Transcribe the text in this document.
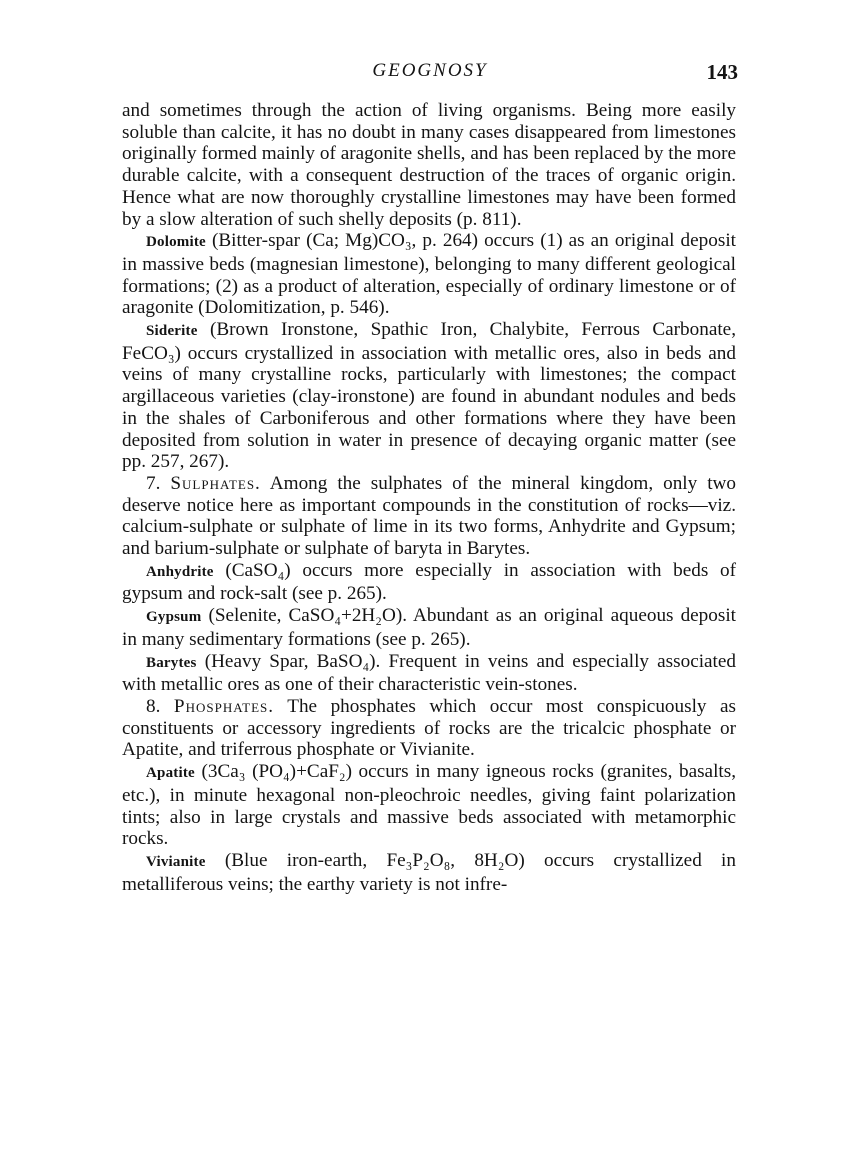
GEOGNOSY	143

and sometimes through the action of living organisms. Being more easily soluble than calcite, it has no doubt in many cases disappeared from limestones originally formed mainly of aragonite shells, and has been replaced by the more durable calcite, with a consequent destruction of the traces of organic origin. Hence what are now thoroughly crystalline limestones may have been formed by a slow alteration of such shelly deposits (p. 811).

Dolomite (Bitter-spar (Ca; Mg)CO₃, p. 264) occurs (1) as an original deposit in massive beds (magnesian limestone), belonging to many different geological formations; (2) as a product of alteration, especially of ordinary limestone or of aragonite (Dolomitization, p. 546).

Siderite (Brown Ironstone, Spathic Iron, Chalybite, Ferrous Carbonate, FeCO₃) occurs crystallized in association with metallic ores, also in beds and veins of many crystalline rocks, particularly with limestones; the compact argillaceous varieties (clay-ironstone) are found in abundant nodules and beds in the shales of Carboniferous and other formations where they have been deposited from solution in water in presence of decaying organic matter (see pp. 257, 267).

7. Sulphates. Among the sulphates of the mineral kingdom, only two deserve notice here as important compounds in the constitution of rocks—viz. calcium-sulphate or sulphate of lime in its two forms, Anhydrite and Gypsum; and barium-sulphate or sulphate of baryta in Barytes.

Anhydrite (CaSO₄) occurs more especially in association with beds of gypsum and rock-salt (see p. 265).

Gypsum (Selenite, CaSO₄+2H₂O). Abundant as an original aqueous deposit in many sedimentary formations (see p. 265).

Barytes (Heavy Spar, BaSO₄). Frequent in veins and especially associated with metallic ores as one of their characteristic vein-stones.

8. Phosphates. The phosphates which occur most conspicuously as constituents or accessory ingredients of rocks are the tricalcic phosphate or Apatite, and triferrous phosphate or Vivianite.

Apatite (3Ca₃ (PO₄)+CaF₂) occurs in many igneous rocks (granites, basalts, etc.), in minute hexagonal non-pleochroic needles, giving faint polarization tints; also in large crystals and massive beds associated with metamorphic rocks.

Vivianite (Blue iron-earth, Fe₃P₂O₈, 8H₂O) occurs crystallized in metalliferous veins; the earthy variety is not infre-
